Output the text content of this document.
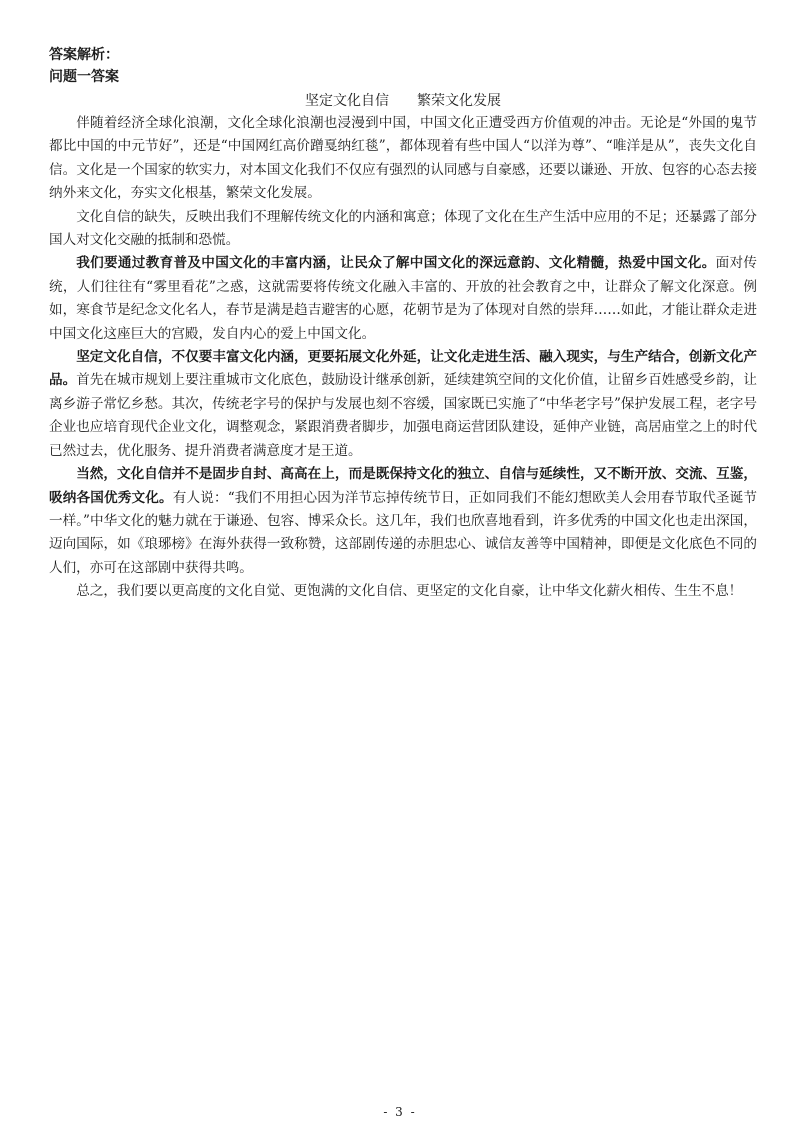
答案解析：

问题一答案

坚定文化自信 繁荣文化发展

伴随着经济全球化浪潮，文化全球化浪潮也浸漫到中国，中国文化正遭受西方价值观的冲击。无论是“外国的鬼节都比中国的中元节好”，还是“中国网红高价蹭戛纳红毯”，都体现着有些中国人“以洋为尊”、“唯洋是从”，丧失文化自信。文化是一个国家的软实力，对本国文化我们不仅应有强烈的认同感与自豪感，还要以谦逊、开放、包容的心态去接纳外来文化，夯实文化根基，繁荣文化发展。

文化自信的缺失，反映出我们不理解传统文化的内涵和寓意；体现了文化在生产生活中应用的不足；还暴露了部分国人对文化交融的抵制和恐慌。

我们要通过教育普及中国文化的丰富内涵，让民众了解中国文化的深远意韵、文化精髓，热爱中国文化。面对传统，人们往往有“雾里看花”之惑，这就需要将传统文化融入丰富的、开放的社会教育之中，让群众了解文化深意。例如，寒食节是纪念文化名人，春节是满是趋吉避害的心愿，花朝节是为了体现对自然的崇拜……如此，才能让群众走进中国文化这座巨大的宫殿，发自内心的爱上中国文化。

坚定文化自信，不仅要丰富文化内涵，更要拓展文化外延，让文化走进生活、融入现实，与生产结合，创新文化产品。首先在城市规划上要注重城市文化底色，鼓励设计继承创新，延续建筑空间的文化价值，让留乡百姓感受乡韵，让离乡游子常忆乡愁。其次，传统老字号的保护与发展也刻不容缓，国家既已实施了“中华老字号”保护发展工程，老字号企业也应培育现代企业文化，调整观念，紧跟消费者脚步，加强电商运营团队建设，延伸产业链，高居庙堂之上的时代已然过去，优化服务、提升消费者满意度才是王道。

当然，文化自信并不是固步自封、高高在上，而是既保持文化的独立、自信与延续性，又不断开放、交流、互鉴，吸纳各国优秀文化。有人说：“我们不用担心因为洋节忘掉传统节日，正如同我们不能幻想欧美人会用春节取代圣诞节一样。”中华文化的魅力就在于谦逊、包容、博采众长。这几年，我们也欣喜地看到，许多优秀的中国文化也走出深国，迈向国际，如《琅琊榜》在海外获得一致称赞，这部剧传递的赤胆忠心、诚信友善等中国精神，即便是文化底色不同的人们，亦可在这部剧中获得共鸣。

总之，我们要以更高度的文化自觉、更饱满的文化自信、更坚定的文化自豪，让中华文化薪火相传、生生不息！

- 3 -
